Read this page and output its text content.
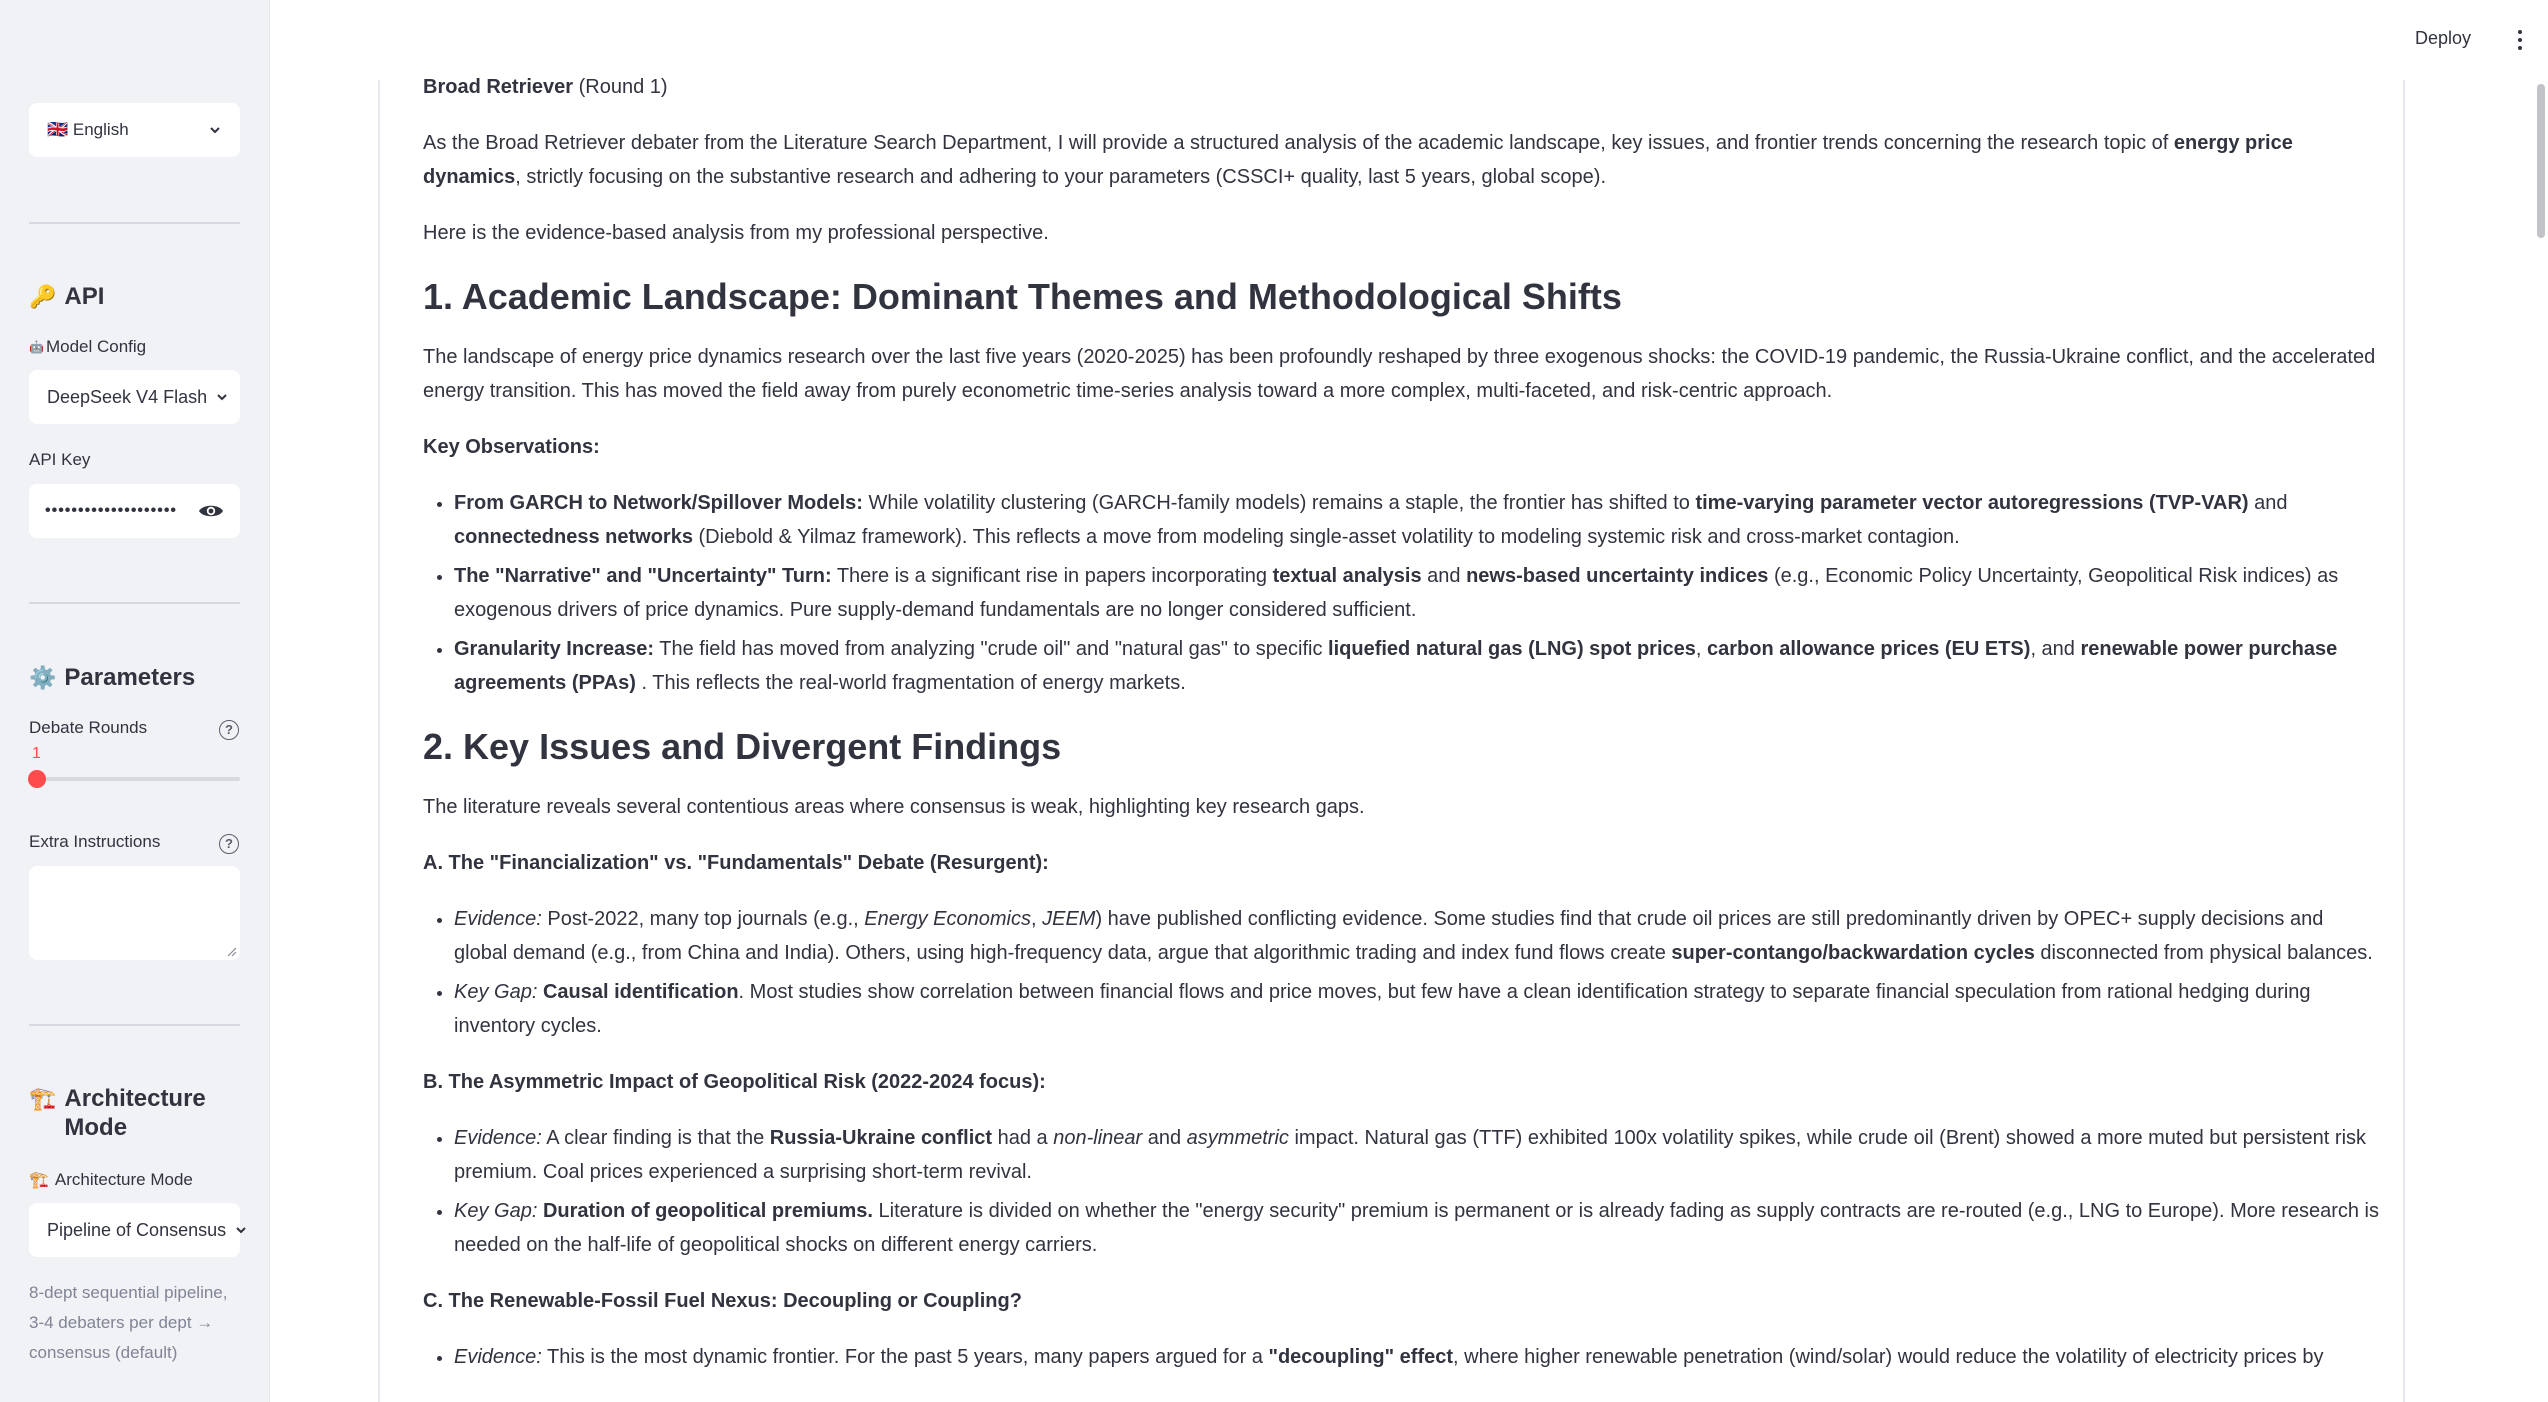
🇬🇧 English
🔑 API
🤖 Model Config
DeepSeek V4 Flash
API Key
••••••••••••••••••••
⚙️ Parameters
Debate Rounds	?
1
Extra Instructions	?
🏗️ Architecture Mode
🏗️ Architecture Mode
Pipeline of Consensus
8-dept sequential pipeline, 3-4 debaters per dept → consensus (default)
Deploy

Broad Retriever (Round 1)

As the Broad Retriever debater from the Literature Search Department, I will provide a structured analysis of the academic landscape, key issues, and frontier trends concerning the research topic of energy price dynamics, strictly focusing on the substantive research and adhering to your parameters (CSSCI+ quality, last 5 years, global scope).

Here is the evidence-based analysis from my professional perspective.

1. Academic Landscape: Dominant Themes and Methodological Shifts

The landscape of energy price dynamics research over the last five years (2020-2025) has been profoundly reshaped by three exogenous shocks: the COVID-19 pandemic, the Russia-Ukraine conflict, and the accelerated energy transition. This has moved the field away from purely econometric time-series analysis toward a more complex, multi-faceted, and risk-centric approach.

Key Observations:

• From GARCH to Network/Spillover Models: While volatility clustering (GARCH-family models) remains a staple, the frontier has shifted to time-varying parameter vector autoregressions (TVP-VAR) and connectedness networks (Diebold & Yilmaz framework). This reflects a move from modeling single-asset volatility to modeling systemic risk and cross-market contagion.
• The "Narrative" and "Uncertainty" Turn: There is a significant rise in papers incorporating textual analysis and news-based uncertainty indices (e.g., Economic Policy Uncertainty, Geopolitical Risk indices) as exogenous drivers of price dynamics. Pure supply-demand fundamentals are no longer considered sufficient.
• Granularity Increase: The field has moved from analyzing "crude oil" and "natural gas" to specific liquefied natural gas (LNG) spot prices, carbon allowance prices (EU ETS), and renewable power purchase agreements (PPAs) . This reflects the real-world fragmentation of energy markets.
2. Key Issues and Divergent Findings

The literature reveals several contentious areas where consensus is weak, highlighting key research gaps.

A. The "Financialization" vs. "Fundamentals" Debate (Resurgent):

• Evidence: Post-2022, many top journals (e.g., Energy Economics, JEEM) have published conflicting evidence. Some studies find that crude oil prices are still predominantly driven by OPEC+ supply decisions and global demand (e.g., from China and India). Others, using high-frequency data, argue that algorithmic trading and index fund flows create super-contango/backwardation cycles disconnected from physical balances.
• Key Gap: Causal identification. Most studies show correlation between financial flows and price moves, but few have a clean identification strategy to separate financial speculation from rational hedging during inventory cycles.

B. The Asymmetric Impact of Geopolitical Risk (2022-2024 focus):

• Evidence: A clear finding is that the Russia-Ukraine conflict had a non-linear and asymmetric impact. Natural gas (TTF) exhibited 100x volatility spikes, while crude oil (Brent) showed a more muted but persistent risk premium. Coal prices experienced a surprising short-term revival.
• Key Gap: Duration of geopolitical premiums. Literature is divided on whether the "energy security" premium is permanent or is already fading as supply contracts are re-routed (e.g., LNG to Europe). More research is needed on the half-life of geopolitical shocks on different energy carriers.

C. The Renewable-Fossil Fuel Nexus: Decoupling or Coupling?

• Evidence: This is the most dynamic frontier. For the past 5 years, many papers argued for a "decoupling" effect, where higher renewable penetration (wind/solar) would reduce the volatility of electricity prices by
